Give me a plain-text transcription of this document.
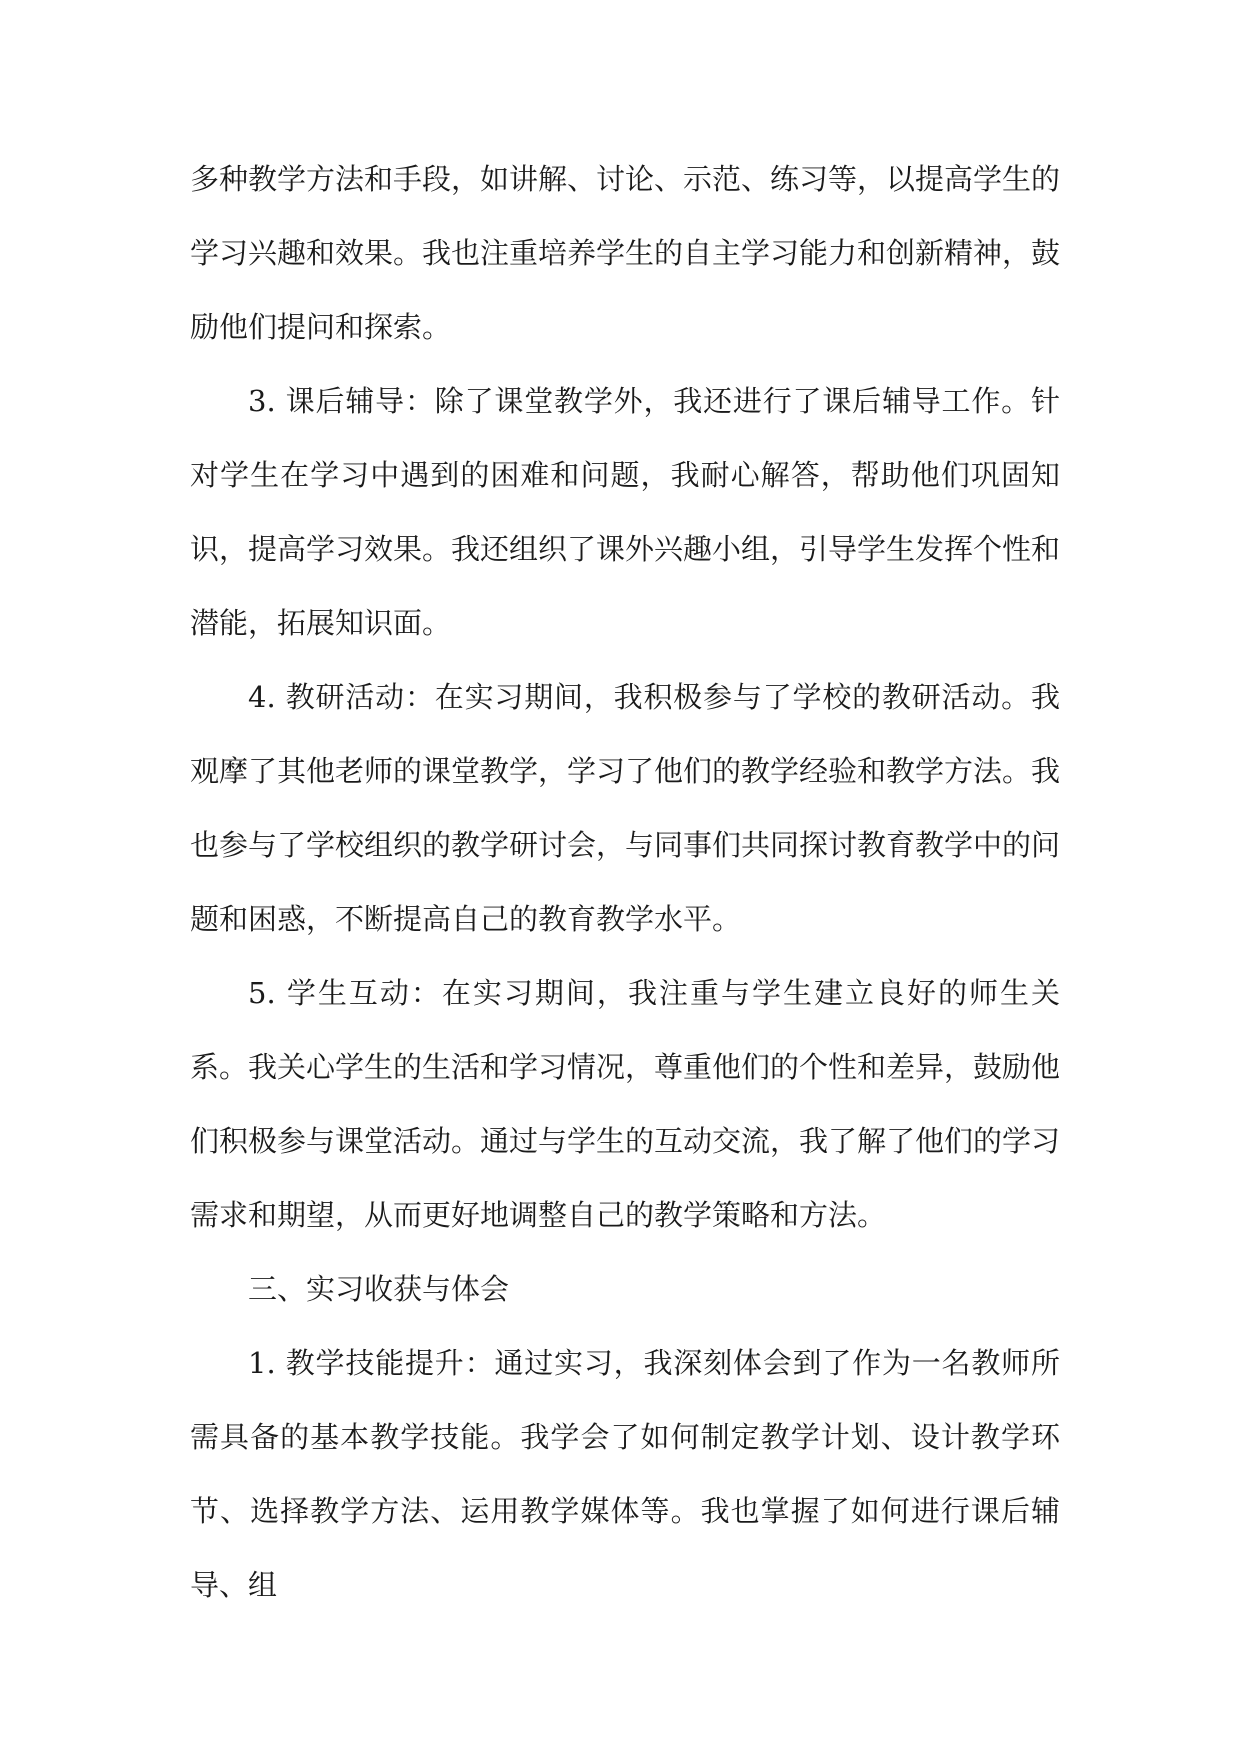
多种教学方法和手段，如讲解、讨论、示范、练习等，以提高学生的学习兴趣和效果。我也注重培养学生的自主学习能力和创新精神，鼓励他们提问和探索。

3. 课后辅导：除了课堂教学外，我还进行了课后辅导工作。针对学生在学习中遇到的困难和问题，我耐心解答，帮助他们巩固知识，提高学习效果。我还组织了课外兴趣小组，引导学生发挥个性和潜能，拓展知识面。

4. 教研活动：在实习期间，我积极参与了学校的教研活动。我观摩了其他老师的课堂教学，学习了他们的教学经验和教学方法。我也参与了学校组织的教学研讨会，与同事们共同探讨教育教学中的问题和困惑，不断提高自己的教育教学水平。

5. 学生互动：在实习期间，我注重与学生建立良好的师生关系。我关心学生的生活和学习情况，尊重他们的个性和差异，鼓励他们积极参与课堂活动。通过与学生的互动交流，我了解了他们的学习需求和期望，从而更好地调整自己的教学策略和方法。

三、实习收获与体会

1. 教学技能提升：通过实习，我深刻体会到了作为一名教师所需具备的基本教学技能。我学会了如何制定教学计划、设计教学环节、选择教学方法、运用教学媒体等。我也掌握了如何进行课后辅导、组
